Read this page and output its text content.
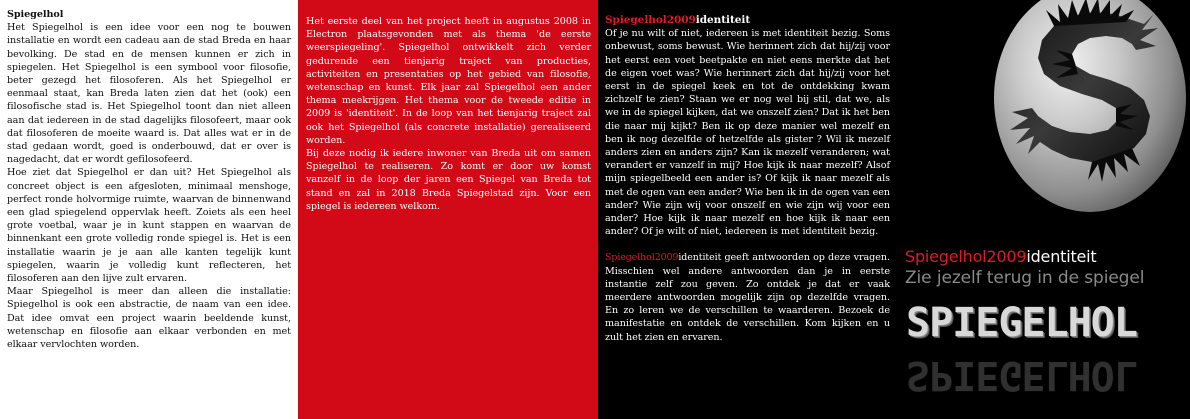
Spiegelhol
Het Spiegelhol is een idee voor een nog te bouwen installatie en wordt een cadeau aan de stad Breda en haar bevolking. De stad en de mensen kunnen er zich in spiegelen. Het Spiegelhol is een symbool voor filosofie, beter gezegd het filosoferen. Als het Spiegelhol er eenmaal staat, kan Breda laten zien dat het (ook) een filosofische stad is. Het Spiegelhol toont dan niet alleen aan dat iedereen in de stad dagelijks filosofeert, maar ook dat filosoferen de moeite waard is. Dat alles wat er in de stad gedaan wordt, goed is onderbouwd, dat er over is nagedacht, dat er wordt gefilosofeerd.
Hoe ziet dat Spiegelhol er dan uit? Het Spiegelhol als concreet object is een afgesloten, minimaal menshoge, perfect ronde holvormige ruimte, waarvan de binnenwand een glad spiegelend oppervlak heeft. Zoiets als een heel grote voetbal, waar je in kunt stappen en waarvan de binnenkant een grote volledig ronde spiegel is. Het is een installatie waarin je je aan alle kanten tegelijk kunt spiegelen, waarin je volledig kunt reflecteren, het filosoferen aan den lijve zult ervaren.
Maar Spiegelhol is meer dan alleen die installatie: Spiegelhol is ook een abstractie, de naam van een idee. Dat idee omvat een project waarin beeldende kunst, wetenschap en filosofie aan elkaar verbonden en met elkaar vervlochten worden.
Het eerste deel van het project heeft in augustus 2008 in Electron plaatsgevonden met als thema 'de eerste weerspiegeling'. Spiegelhol ontwikkelt zich verder gedurende een tienjarig traject van producties, activiteiten en presentaties op het gebied van filosofie, wetenschap en kunst. Elk jaar zal Spiegelhol een ander thema meekrijgen. Het thema voor de tweede editie in 2009 is 'identiteit'. In de loop van het tienjarig traject zal ook het Spiegelhol (als concrete installatie) gerealiseerd worden.
Bij deze nodig ik iedere inwoner van Breda uit om samen Spiegelhol te realiseren. Zo komt er door uw komst vanzelf in de loop der jaren een Spiegel van Breda tot stand en zal in 2018 Breda Spiegelstad zijn. Voor een spiegel is iedereen welkom.
Spiegelhol2009identiteit
Of je nu wilt of niet, iedereen is met identiteit bezig. Soms onbewust, soms bewust. Wie herinnert zich dat hij/zij voor het eerst een voet beetpakte en niet eens merkte dat het de eigen voet was? Wie herinnert zich dat hij/zij voor het eerst in de spiegel keek en tot de ontdekking kwam zichzelf te zien? Staan we er nog wel bij stil, dat we, als we in de spiegel kijken, dat we onszelf zien? Dat ik het ben die naar mij kijkt? Ben ik op deze manier wel mezelf en ben ik nog dezelfde of hetzelfde als gister ? Wil ik mezelf anders zien en anders zijn? Kan ik mezelf veranderen; wat verandert er vanzelf in mij? Hoe kijk ik naar mezelf? Alsof mijn spiegelbeeld een ander is? Of kijk ik naar mezelf als met de ogen van een ander? Wie ben ik in de ogen van een ander? Wie zijn wij voor onszelf en wie zijn wij voor een ander? Hoe kijk ik naar mezelf en hoe kijk ik naar een ander? Of je wilt of niet, iedereen is met identiteit bezig.
Spiegelhol2009identiteit geeft antwoorden op deze vragen. Misschien wel andere antwoorden dan je in eerste instantie zelf zou geven. Zo ontdek je dat er vaak meerdere antwoorden mogelijk zijn op dezelfde vragen. En zo leren we de verschillen te waarderen. Bezoek de manifestatie en ontdek de verschillen. Kom kijken en u zult het zien en ervaren.
Spiegelhol2009identiteit
Zie jezelf terug in de spiegel
SPIEGELHOL
SPIEGELHOL
